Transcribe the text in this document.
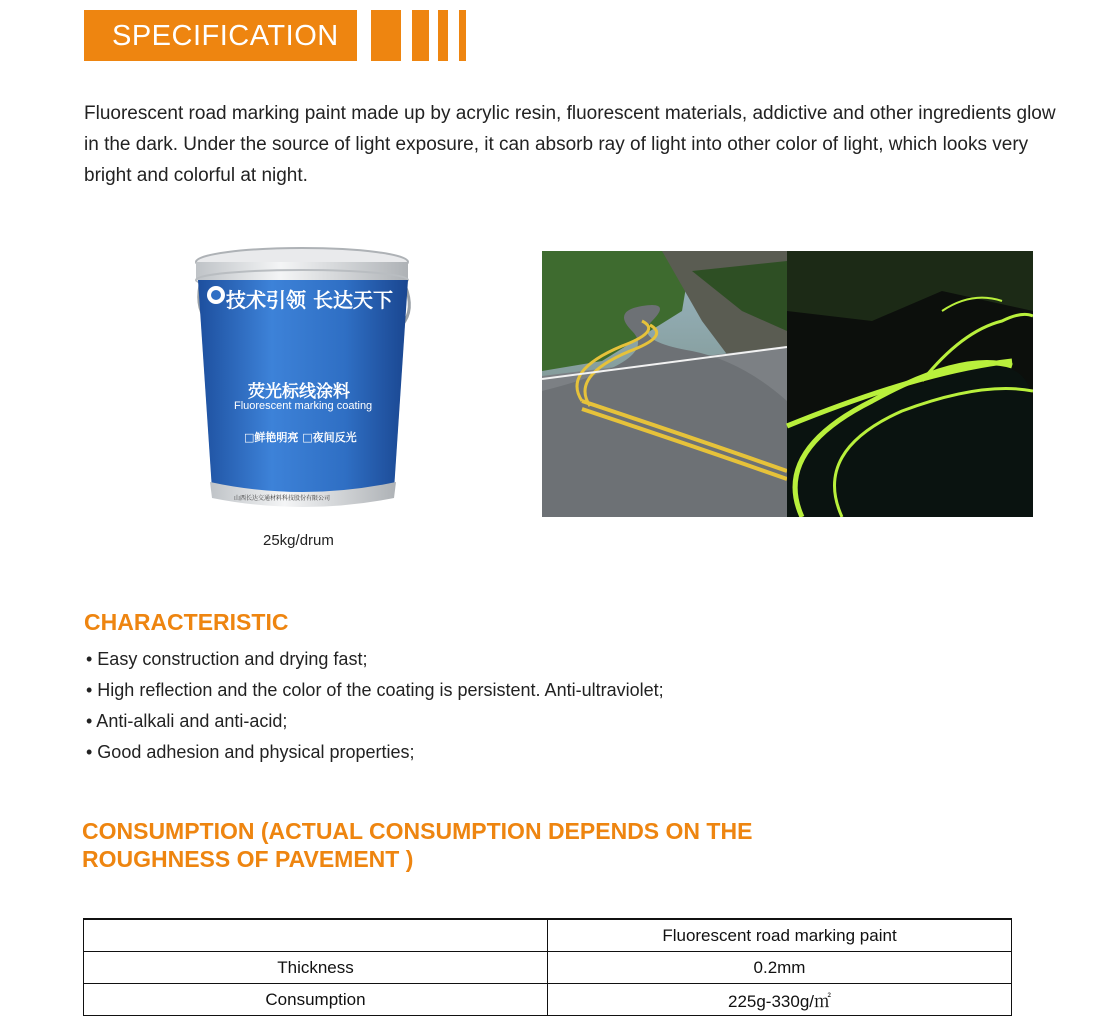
SPECIFICATION

Fluorescent road marking paint made up by acrylic resin, fluorescent materials, addictive and other ingredients glow in the dark. Under the source of light exposure, it can absorb ray of light into other color of light, which looks very bright and colorful at night.

技术引领 长达天下
荧光标线涂料
Fluorescent marking coating
□鲜艳明亮 □夜间反光
山西长达交通材料科技股份有限公司
25kg/drum
CHARACTERISTIC
• Easy construction and drying fast;
• High reflection and the color of the coating is persistent. Anti-ultraviolet;
• Anti-alkali and anti-acid;
• Good adhesion and physical properties;
CONSUMPTION (ACTUAL CONSUMPTION DEPENDS ON THE ROUGHNESS OF PAVEMENT )
	Fluorescent road marking paint
Thickness	0.2mm
Consumption	225g-330g/㎡
